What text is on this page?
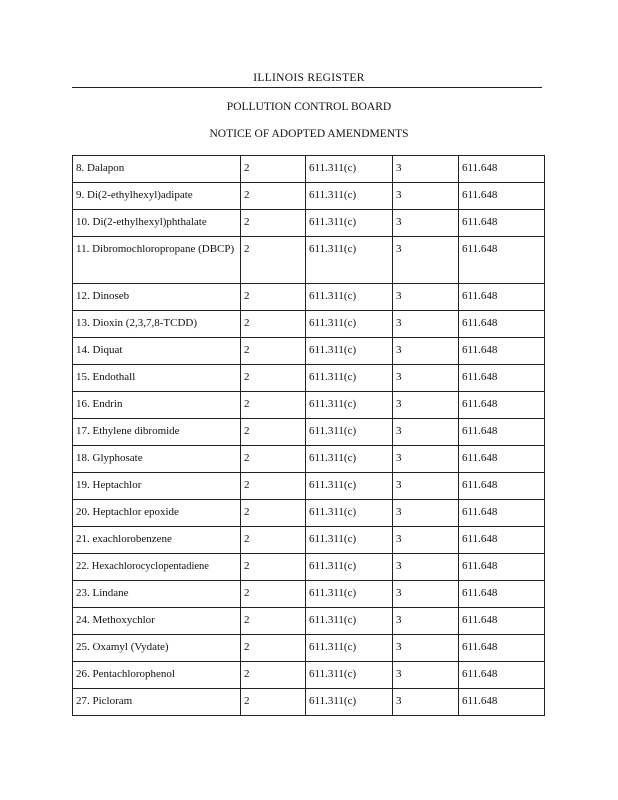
ILLINOIS REGISTER
POLLUTION CONTROL BOARD
NOTICE OF ADOPTED AMENDMENTS
8. Dalapon	2	611.311(c)	3	611.648
9. Di(2-ethylhexyl)adipate	2	611.311(c)	3	611.648
10. Di(2-ethylhexyl)phthalate	2	611.311(c)	3	611.648
11. Dibromochloropropane (DBCP)	2	611.311(c)	3	611.648
12. Dinoseb	2	611.311(c)	3	611.648
13. Dioxin (2,3,7,8-TCDD)	2	611.311(c)	3	611.648
14. Diquat	2	611.311(c)	3	611.648
15. Endothall	2	611.311(c)	3	611.648
16. Endrin	2	611.311(c)	3	611.648
17. Ethylene dibromide	2	611.311(c)	3	611.648
18. Glyphosate	2	611.311(c)	3	611.648
19. Heptachlor	2	611.311(c)	3	611.648
20. Heptachlor epoxide	2	611.311(c)	3	611.648
21. exachlorobenzene	2	611.311(c)	3	611.648
22. Hexachlorocyclopentadiene	2	611.311(c)	3	611.648
23. Lindane	2	611.311(c)	3	611.648
24. Methoxychlor	2	611.311(c)	3	611.648
25. Oxamyl (Vydate)	2	611.311(c)	3	611.648
26. Pentachlorophenol	2	611.311(c)	3	611.648
27. Picloram	2	611.311(c)	3	611.648
